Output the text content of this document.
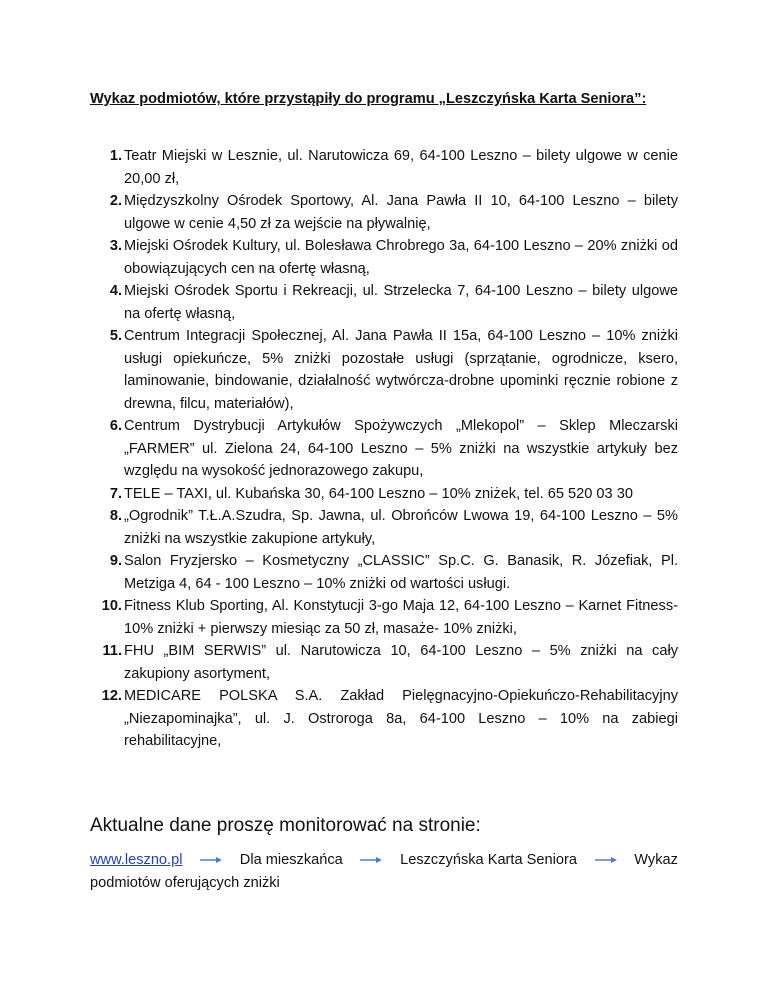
Wykaz podmiotów, które przystąpiły do programu „Leszczyńska Karta Seniora”:
1. Teatr Miejski w Lesznie, ul. Narutowicza 69, 64-100 Leszno – bilety ulgowe w cenie 20,00 zł,
2. Międzyszkolny Ośrodek Sportowy, Al. Jana Pawła II 10, 64-100 Leszno – bilety ulgowe w cenie 4,50 zł za wejście na pływalnię,
3. Miejski Ośrodek Kultury, ul. Bolesława Chrobrego 3a, 64-100 Leszno – 20% zniżki od obowiązujących cen na ofertę własną,
4. Miejski Ośrodek Sportu i Rekreacji, ul. Strzelecka 7, 64-100 Leszno – bilety ulgowe na ofertę własną,
5. Centrum Integracji Społecznej, Al. Jana Pawła II 15a, 64-100 Leszno – 10% zniżki usługi opiekuńcze, 5% zniżki pozostałe usługi (sprzątanie, ogrodnicze, ksero, laminowanie, bindowanie, działalność wytwórcza-drobne upominki ręcznie robione z drewna, filcu, materiałów),
6. Centrum Dystrybucji Artykułów Spożywczych „Mlekopol” – Sklep Mleczarski „FARMER” ul. Zielona 24, 64-100 Leszno – 5% zniżki na wszystkie artykuły bez względu na wysokość jednorazowego zakupu,
7. TELE – TAXI, ul. Kubańska 30, 64-100 Leszno – 10% zniżek, tel. 65 520 03 30
8. „Ogrodnik” T.Ł.A.Szudra, Sp. Jawna, ul. Obrońców Lwowa 19, 64-100 Leszno – 5% zniżki na wszystkie zakupione artykuły,
9. Salon Fryzjersko – Kosmetyczny „CLASSIC” Sp.C. G. Banasik, R. Józefiak, Pl. Metziga 4, 64 - 100 Leszno – 10% zniżki od wartości usługi.
10. Fitness Klub Sporting, Al. Konstytucji 3-go Maja 12, 64-100 Leszno – Karnet Fitness- 10% zniżki + pierwszy miesiąc za 50 zł, masaże- 10% zniżki,
11. FHU „BIM SERWIS” ul. Narutowicza 10, 64-100 Leszno – 5% zniżki na cały zakupiony asortyment,
12. MEDICARE POLSKA S.A. Zakład Pielęgnacyjno-Opiekuńczo-Rehabilitacyjny „Niezapominajka”, ul. J. Ostroroga 8a, 64-100 Leszno – 10% na zabiegi rehabilitacyjne,
Aktualne dane proszę monitorować na stronie:
www.leszno.pl	Dla mieszkańca	Leszczyńska Karta Seniora	Wykaz
podmiotów oferujących zniżki
